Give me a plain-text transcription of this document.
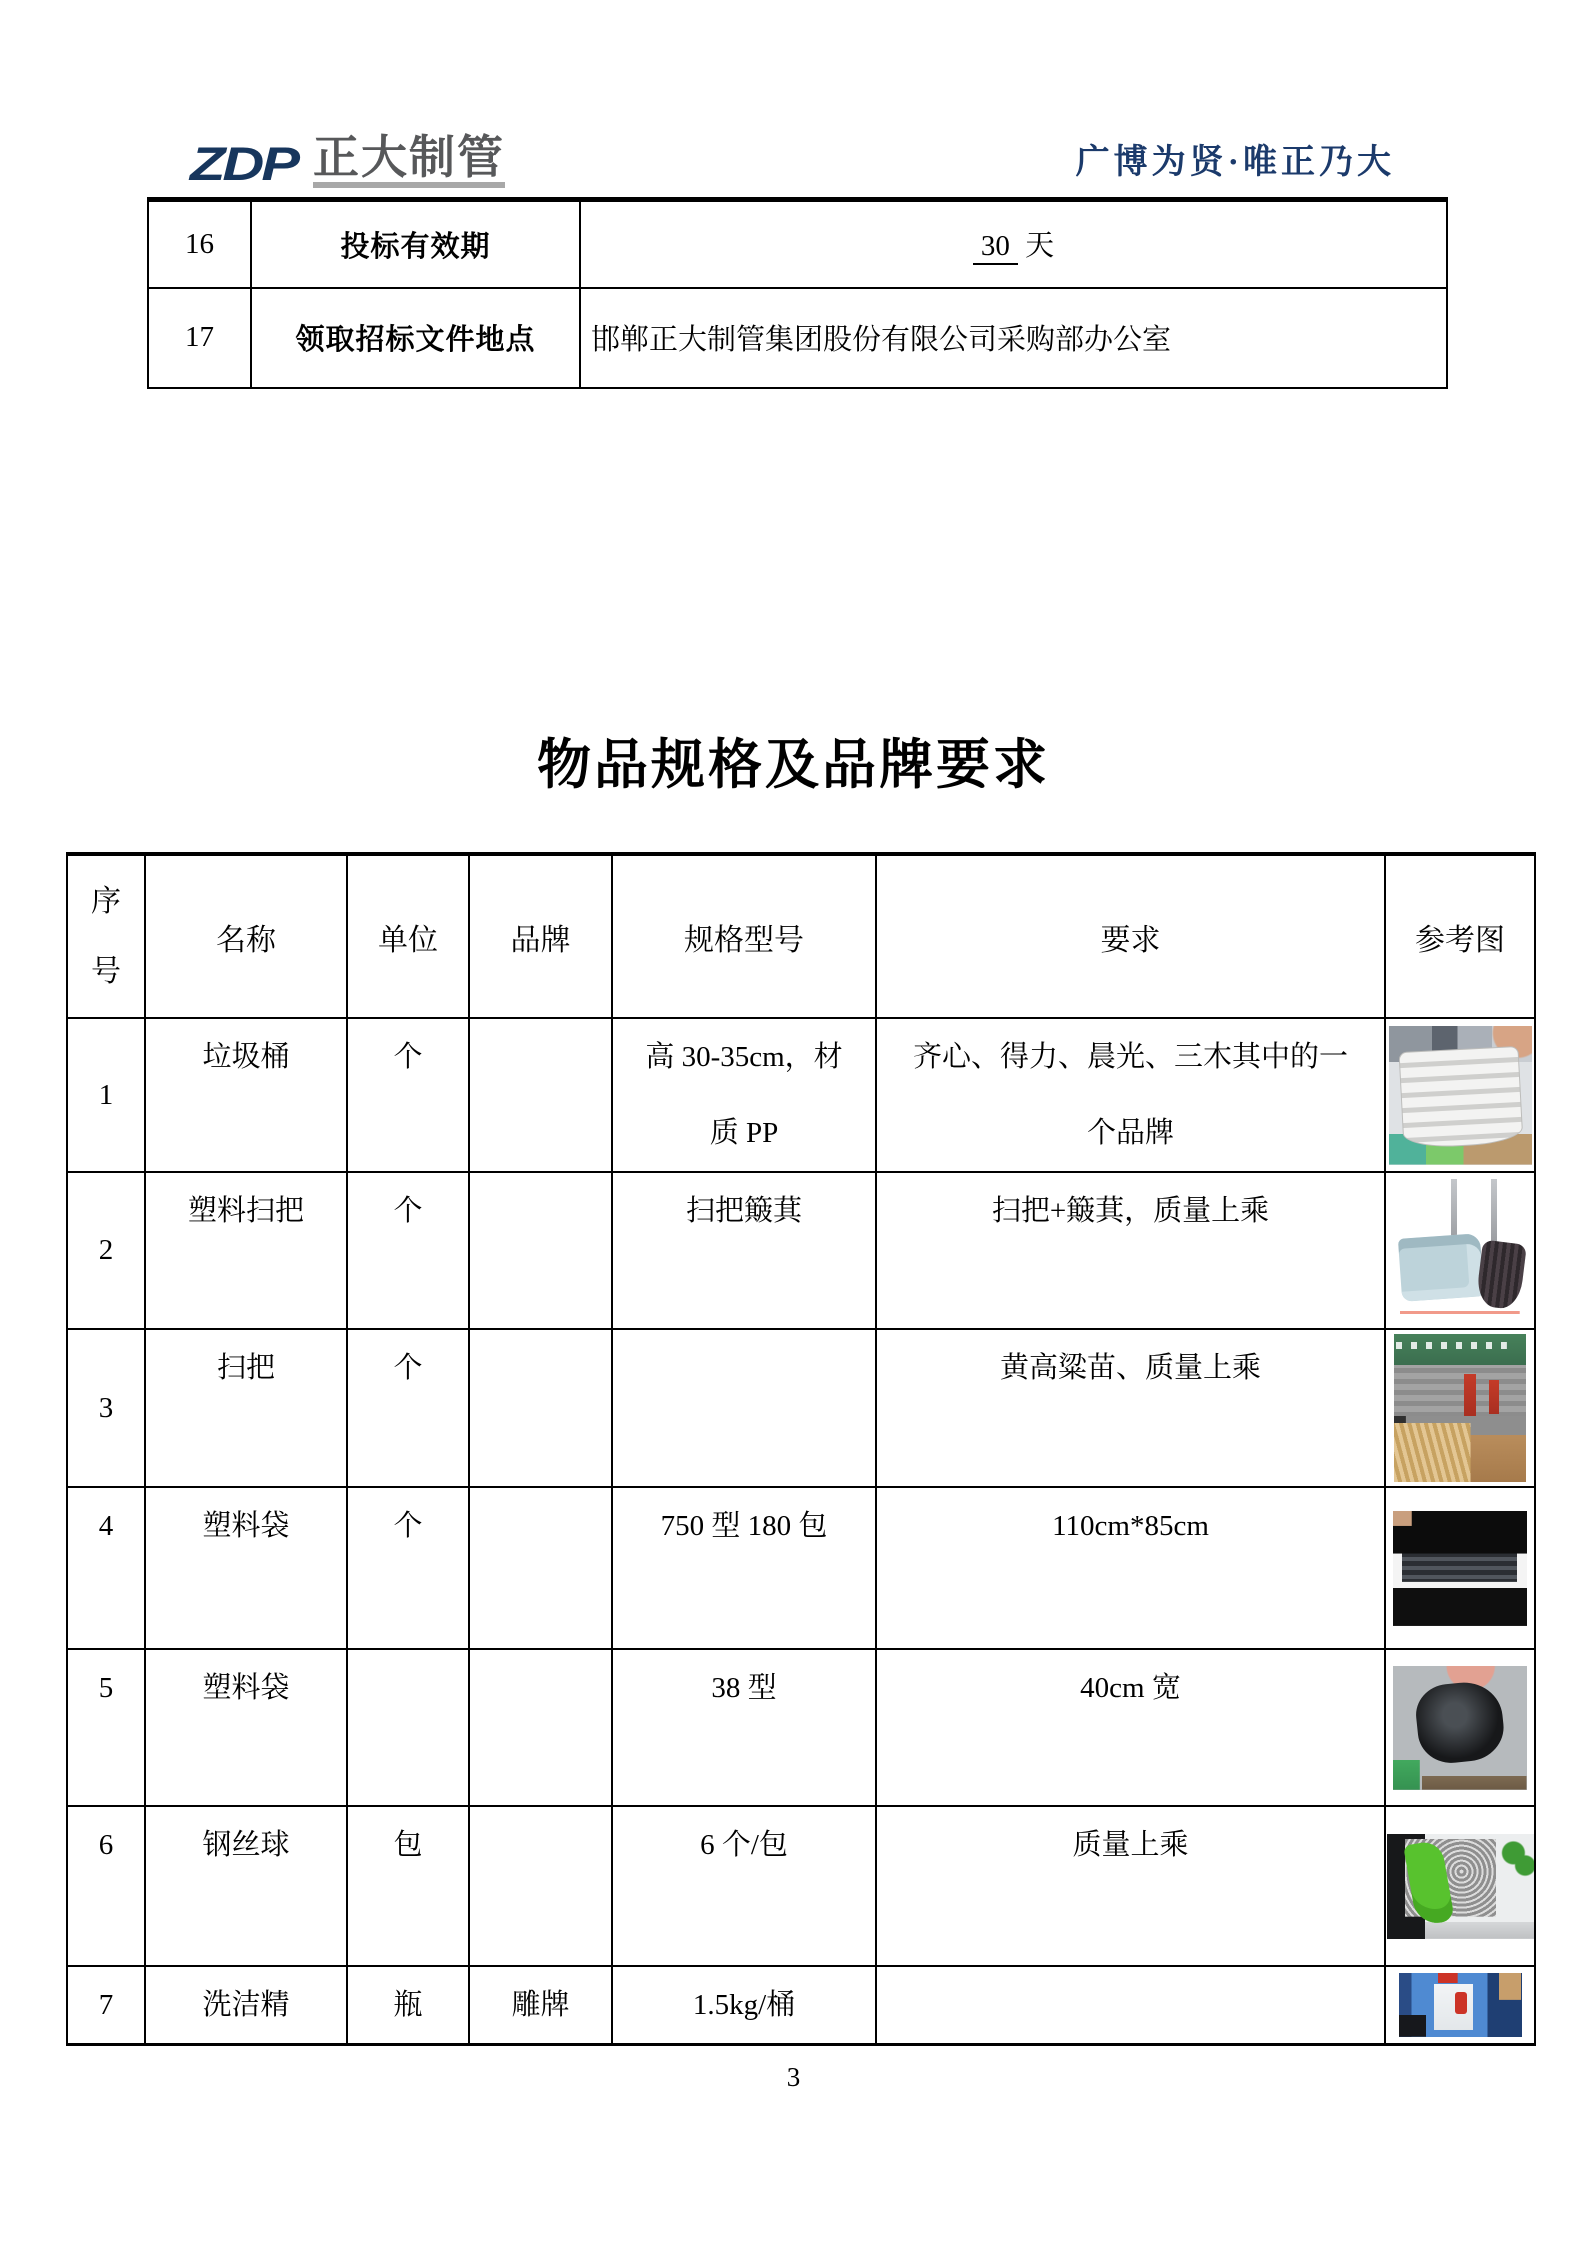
ZDP 正大制管	广博为贤·唯正乃大
16	投标有效期	30 天
17	领取招标文件地点	邯郸正大制管集团股份有限公司采购部办公室
物品规格及品牌要求
序号	名称	单位	品牌	规格型号	要求	参考图
1	垃圾桶	个		高 30-35cm，材质 PP	齐心、得力、晨光、三木其中的一个品牌	

2	塑料扫把	个		扫把簸萁	扫把+簸萁，质量上乘	

3	扫把	个			黄高粱苗、质量上乘	

4	塑料袋	个		750 型 180 包	110cm*85cm	

5	塑料袋			38 型	40cm 宽	

6	钢丝球	包		6 个/包	质量上乘	

7	洗洁精	瓶	雕牌	1.5kg/桶		
3
